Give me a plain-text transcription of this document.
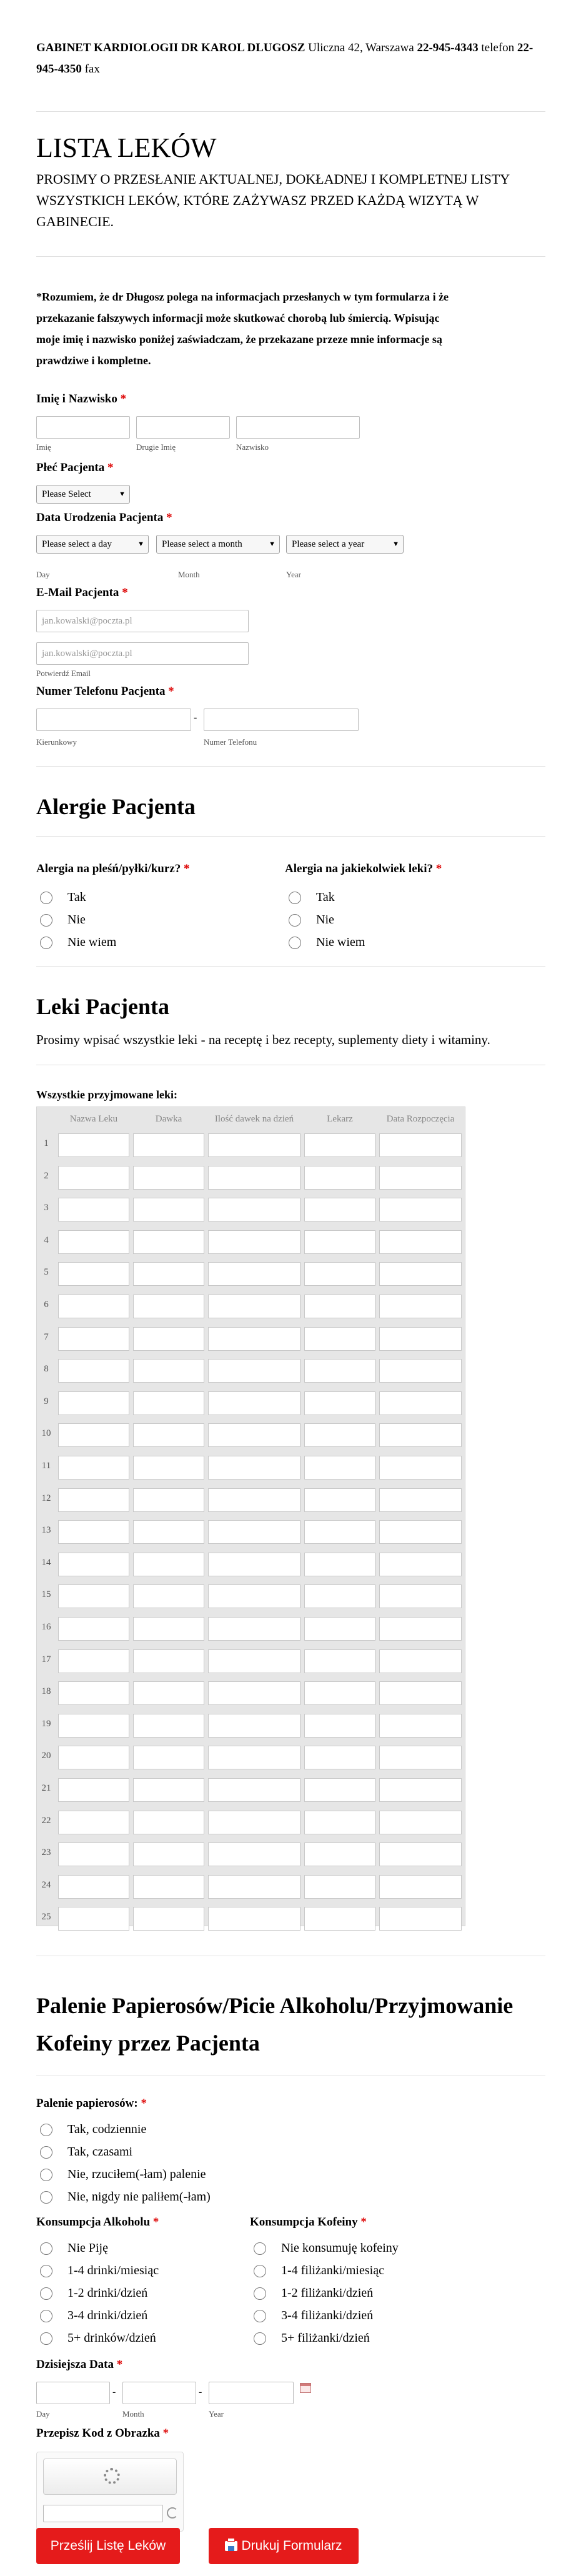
GABINET KARDIOLOGII DR KAROL DLUGOSZ Uliczna 42, Warszawa 22-945-4343 telefon 22-945-4350 fax
LISTA LEKÓW
PROSIMY O PRZESŁANIE AKTUALNEJ, DOKŁADNEJ I KOMPLETNEJ LISTY
WSZYSTKICH LEKÓW, KTÓRE ZAŻYWASZ PRZED KAŻDĄ WIZYTĄ W
GABINECIE.
*Rozumiem, że dr Długosz polega na informacjach przesłanych w tym formularza i że
przekazanie fałszywych informacji może skutkować chorobą lub śmiercią. Wpisując
moje imię i nazwisko poniżej zaświadczam, że przekazane przeze mnie informacje są
prawdziwe i kompletne.
Imię i Nazwisko *
Imię	Drugie Imię	Nazwisko
Płeć Pacjenta *
Please Select	▼
Data Urodzenia Pacjenta *
Please select a day	▼	Please select a month	▼	Please select a year	▼
Day	Month	Year
E-Mail Pacjenta *
jan.kowalski@poczta.pl
jan.kowalski@poczta.pl
Potwierdź Email
Numer Telefonu Pacjenta *
-
Kierunkowy	Numer Telefonu
Alergie Pacjenta
Alergia na pleśń/pyłki/kurz? *	Alergia na jakiekolwiek leki? *
Tak
Nie
Nie wiem
Tak
Nie
Nie wiem
Leki Pacjenta
Prosimy wpisać wszystkie leki - na receptę i bez recepty, suplementy diety i witaminy.
Wszystkie przyjmowane leki:
Nazwa Leku	Dawka	Ilość dawek na dzień	Lekarz	Data Rozpoczęcia
1
2
3
4
5
6
7
8
9
10
11
12
13
14
15
16
17
18
19
20
21
22
23
24
25
Palenie Papierosów/Picie Alkoholu/Przyjmowanie
Kofeiny przez Pacjenta
Palenie papierosów: *
Tak, codziennie
Tak, czasami
Nie, rzuciłem(-łam) palenie
Nie, nigdy nie paliłem(-łam)
Konsumpcja Alkoholu *	Konsumpcja Kofeiny *
Nie Piję
1-4 drinki/miesiąc
1-2 drinki/dzień
3-4 drinki/dzień
5+ drinków/dzień
Nie konsumuję kofeiny
1-4 filiżanki/miesiąc
1-2 filiżanki/dzień
3-4 filiżanki/dzień
5+ filiżanki/dzień
Dzisiejsza Data *
-	-
Day	Month	Year
Przepisz Kod z Obrazka *
Prześlij Listę Leków	Drukuj Formularz
